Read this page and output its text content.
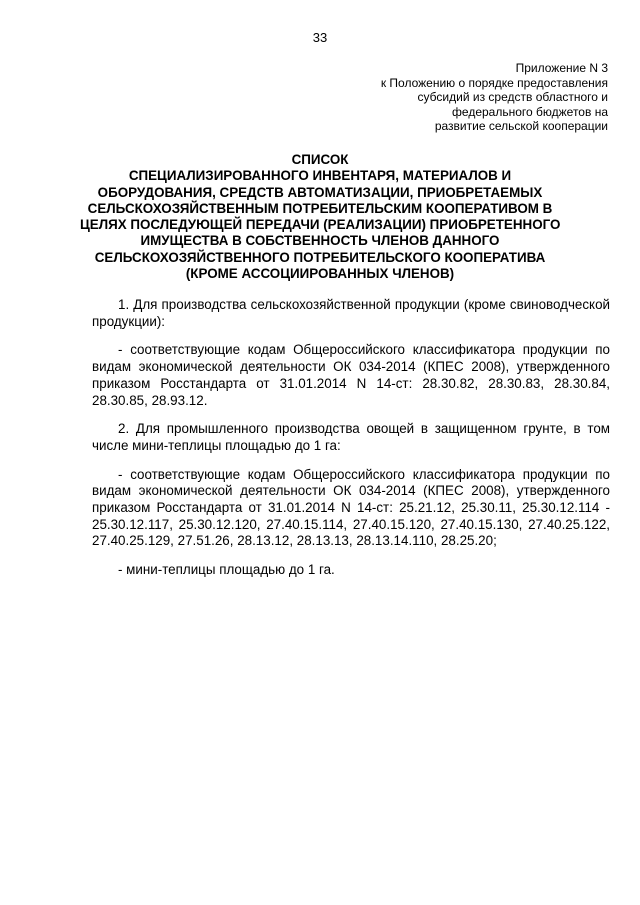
33
Приложение N 3
к Положению о порядке предоставления
субсидий из средств областного и
федерального бюджетов на
развитие сельской кооперации
СПИСОК
СПЕЦИАЛИЗИРОВАННОГО ИНВЕНТАРЯ, МАТЕРИАЛОВ И
ОБОРУДОВАНИЯ, СРЕДСТВ АВТОМАТИЗАЦИИ, ПРИОБРЕТАЕМЫХ
СЕЛЬСКОХОЗЯЙСТВЕННЫМ ПОТРЕБИТЕЛЬСКИМ КООПЕРАТИВОМ В
ЦЕЛЯХ ПОСЛЕДУЮЩЕЙ ПЕРЕДАЧИ (РЕАЛИЗАЦИИ) ПРИОБРЕТЕННОГО
ИМУЩЕСТВА В СОБСТВЕННОСТЬ ЧЛЕНОВ ДАННОГО
СЕЛЬСКОХОЗЯЙСТВЕННОГО ПОТРЕБИТЕЛЬСКОГО КООПЕРАТИВА
(КРОМЕ АССОЦИИРОВАННЫХ ЧЛЕНОВ)

1. Для производства сельскохозяйственной продукции (кроме свиноводческой продукции):

- соответствующие кодам Общероссийского классификатора продукции по видам экономической деятельности ОК 034-2014 (КПЕС 2008), утвержденного приказом Росстандарта от 31.01.2014 N 14-ст: 28.30.82, 28.30.83, 28.30.84, 28.30.85, 28.93.12.

2. Для промышленного производства овощей в защищенном грунте, в том числе мини-теплицы площадью до 1 га:

- соответствующие кодам Общероссийского классификатора продукции по видам экономической деятельности ОК 034-2014 (КПЕС 2008), утвержденного приказом Росстандарта от 31.01.2014 N 14-ст: 25.21.12, 25.30.11, 25.30.12.114 - 25.30.12.117, 25.30.12.120, 27.40.15.114, 27.40.15.120, 27.40.15.130, 27.40.25.122, 27.40.25.129, 27.51.26, 28.13.12, 28.13.13, 28.13.14.110, 28.25.20;

- мини-теплицы площадью до 1 га.
